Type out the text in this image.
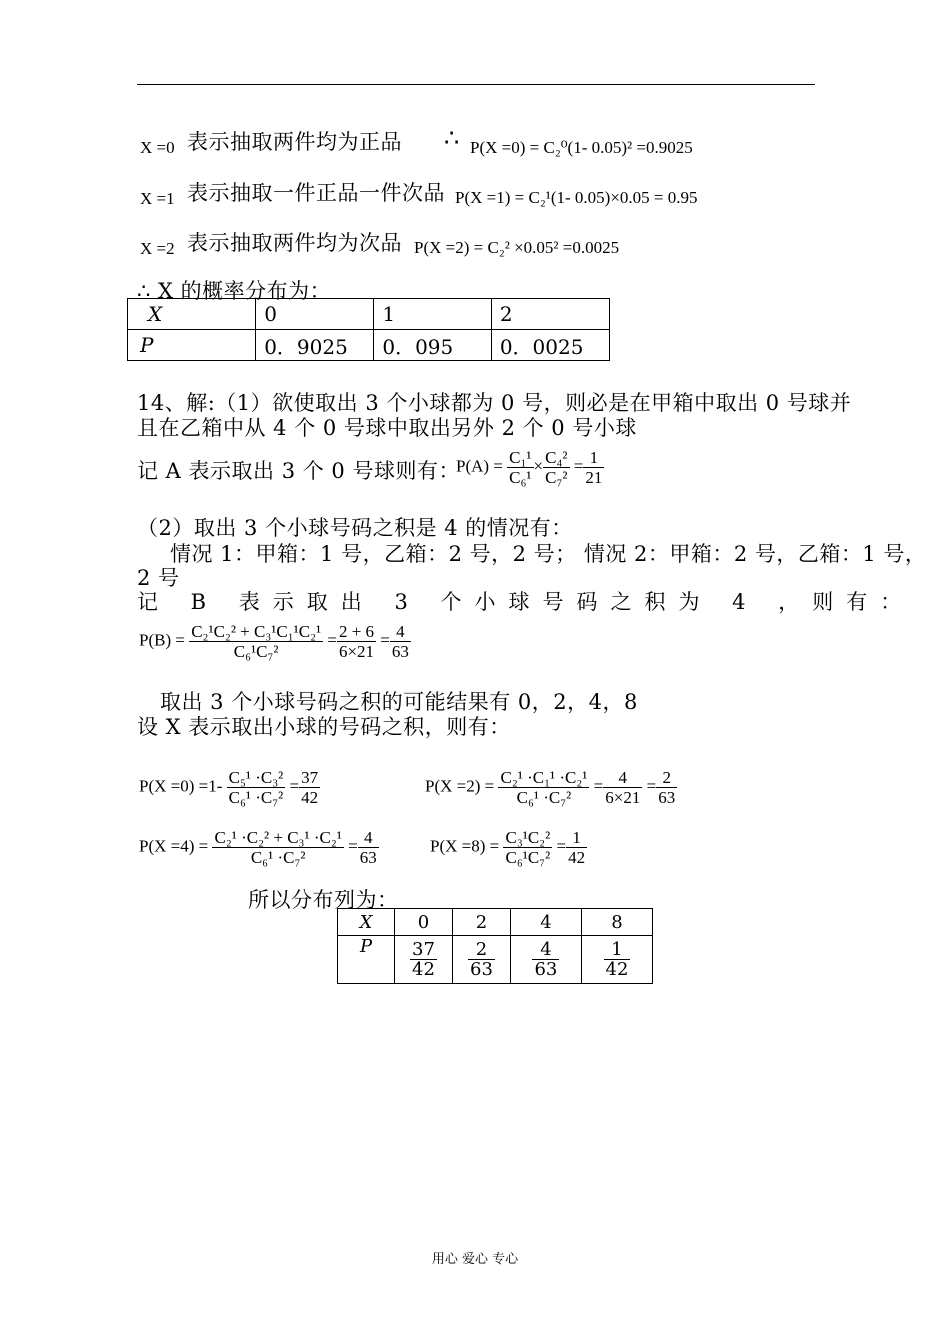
X =0 表示抽取两件均为正品 ∴ P(X =0) = C₂⁰(1- 0.05)² =0.9025
X =1 表示抽取一件正品一件次品 P(X =1) = C₂¹(1- 0.05)×0.05 = 0.95
X =2 表示抽取两件均为次品 P(X =2) = C₂² ×0.05² =0.0025
∴ X 的概率分布为：
X	0	1	2
P	0．9025	0．095	0．0025
14、解:（1）欲使取出 3 个小球都为 0 号，则必是在甲箱中取出 0 号球并
且在乙箱中从 4 个 0 号球中取出另外 2 个 0 号小球
记 A 表示取出 3 个 0 号球则有：
$P(A) = \frac{\text{C₁¹}}{\text{C₆¹}} \times \frac{\text{C₄²}}{\text{C₇²}} = \frac{1}{21}$
（2）取出 3 个小球号码之积是 4 的情况有：
情况 1：甲箱：1 号，乙箱：2 号，2 号； 情况 2：甲箱：2 号，乙箱：1 号，
2 号
记 B 表示取出 3 个小球号码之积为 4 ，则有：
$P(B) = \frac{\text{C₂¹C₂² + C₃¹C₁¹C₂¹}}{\text{C₆¹C₇²}} = \frac{2 + 6}{6\times 21} = \frac{4}{63}$
取出 3 个小球号码之积的可能结果有 0，2，4，8
设 X 表示取出小球的号码之积，则有：
$P(X =0) =1- \frac{\text{C₅¹ ·C₃²}}{\text{C₆¹ ·C₇²}} = \frac{37}{42}$	$P(X =2) = \frac{\text{C₂¹ ·C₁¹ ·C₂¹}}{\text{C₆¹ ·C₇²}} = \frac{4}{6\times 21} = \frac{2}{63}$
$P(X =4) = \frac{\text{C₂¹ ·C₂² + C₃¹ ·C₂¹}}{\text{C₆¹ ·C₇²}} = \frac{4}{63}$	$P(X =8) = \frac{\text{C₃¹C₂²}}{\text{C₆¹C₇²}} = \frac{1}{42}$
所以分布列为：
X	0	2	4	8
P	$\frac{37}{42}$	$\frac{2}{63}$	$\frac{4}{63}$	$\frac{1}{42}$
用心 爱心 专心
